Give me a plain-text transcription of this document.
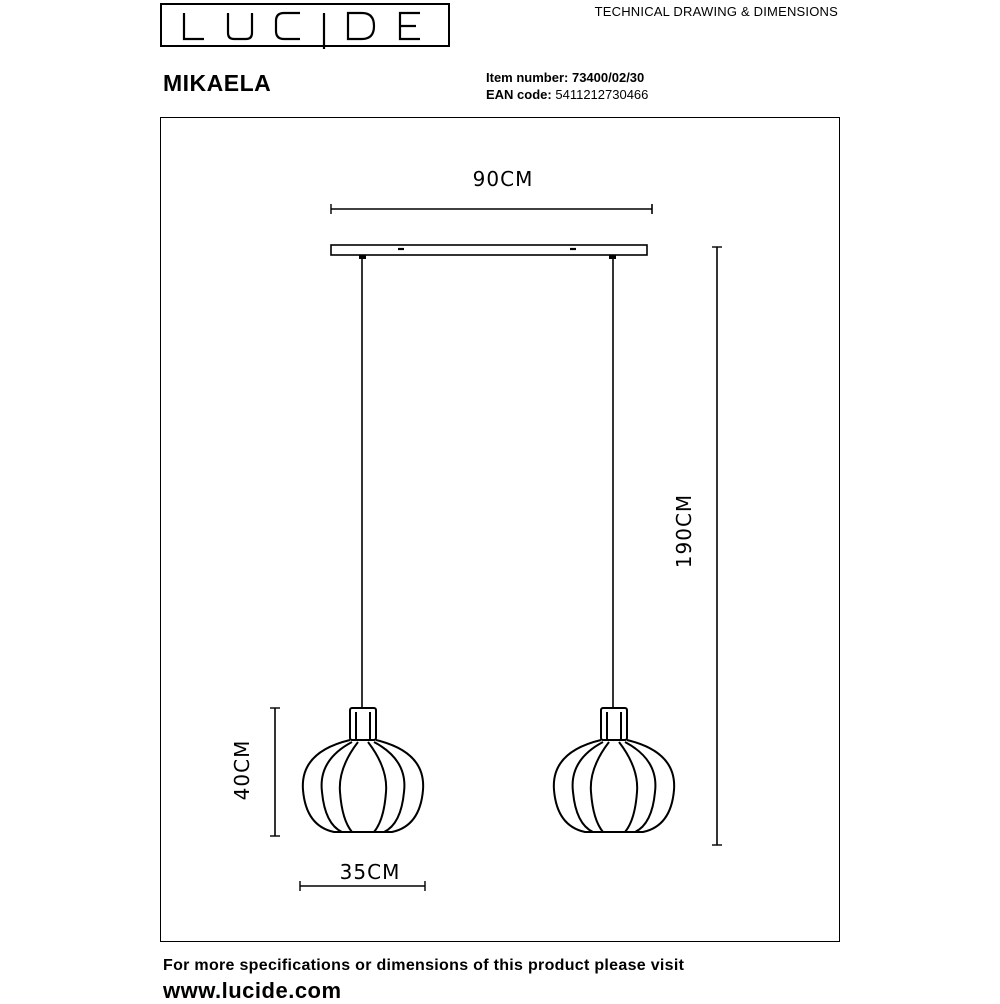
TECHNICAL DRAWING & DIMENSIONS
MIKAELA	Item number: 73400/02/30
EAN code: 5411212730466
90CM
190CM
40CM
35CM
For more specifications or dimensions of this product please visit
www.lucide.com
